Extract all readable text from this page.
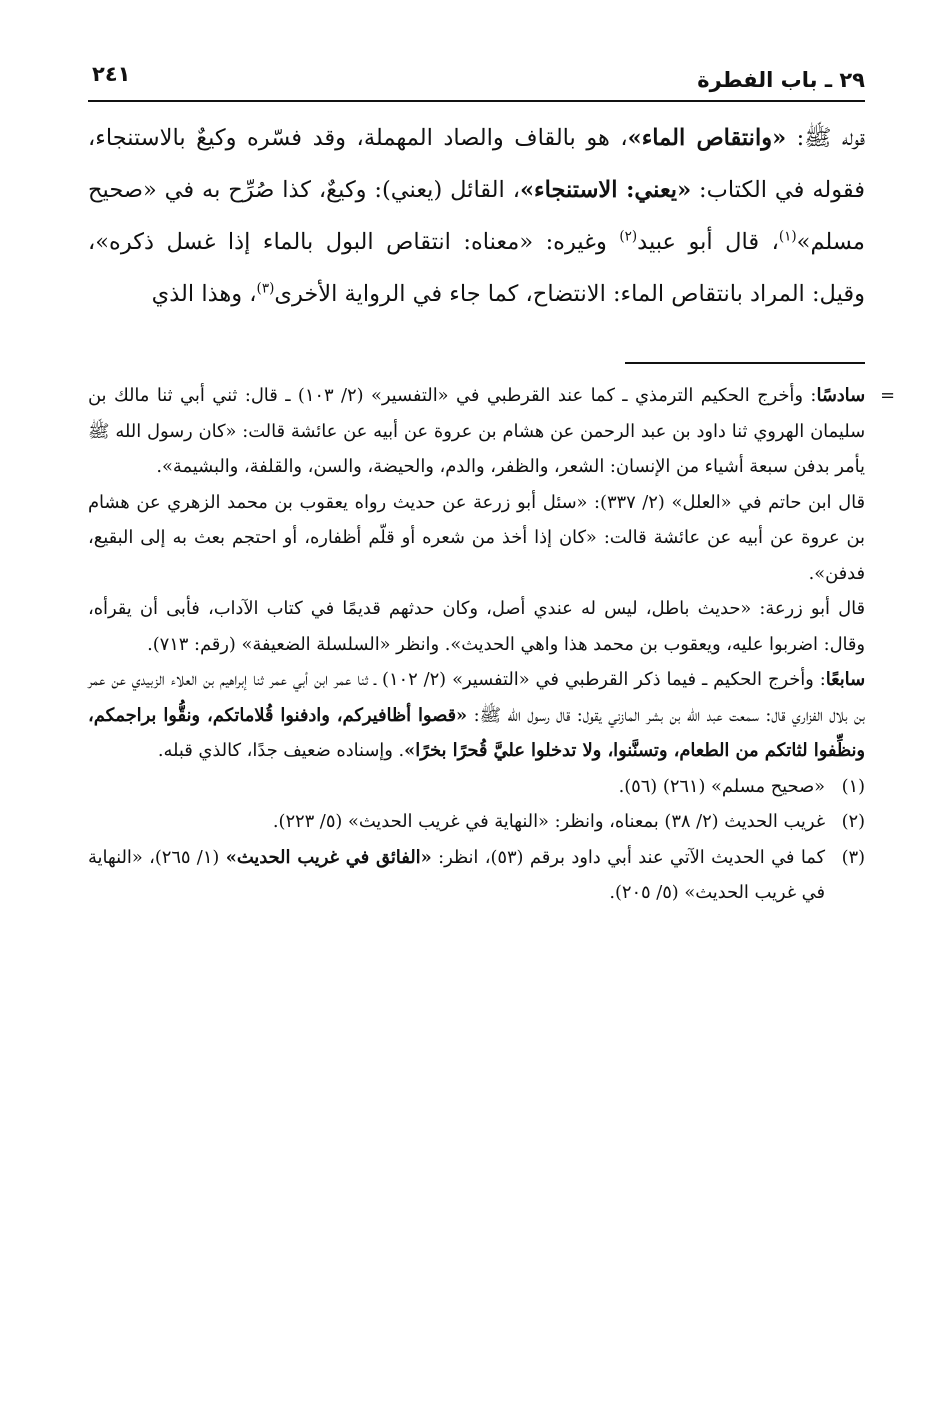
٢٩ ـ باب الفطرة
٢٤١

قوله ﷺ: «وانتقاص الماء»، هو بالقاف والصاد المهملة، وقد فسّره وكيعٌ بالاستنجاء، فقوله في الكتاب: «يعني: الاستنجاء»، القائل (يعني): وكيعٌ، كذا صُرِّح به في «صحيح مسلم»$^{(١)}$، قال أبو عبيد$^{(٢)}$ وغيره: «معناه: انتقاص البول بالماء إذا غسل ذكره»، وقيل: المراد بانتقاص الماء: الانتضاح، كما جاء في الرواية الأخرى$^{(٣)}$، وهذا الذي

=
سادسًا: وأخرج الحكيم الترمذي ـ كما عند القرطبي في «التفسير» (٢/ ١٠٣) ـ قال: ثني أبي ثنا مالك بن سليمان الهروي ثنا داود بن عبد الرحمن عن هشام بن عروة عن أبيه عن عائشة قالت: «كان رسول الله ﷺ يأمر بدفن سبعة أشياء من الإنسان: الشعر، والظفر، والدم، والحيضة، والسن، والقلفة، والبشيمة».

قال ابن حاتم في «العلل» (٢/ ٣٣٧): «سئل أبو زرعة عن حديث رواه يعقوب بن محمد الزهري عن هشام بن عروة عن أبيه عن عائشة قالت: «كان إذا أخذ من شعره أو قلّم أظفاره، أو احتجم بعث به إلى البقيع، فدفن».

قال أبو زرعة: «حديث باطل، ليس له عندي أصل، وكان حدثهم قديمًا في كتاب الآداب، فأبى أن يقرأه، وقال: اضربوا عليه، ويعقوب بن محمد هذا واهي الحديث». وانظر «السلسلة الضعيفة» (رقم: ٧١٣).

سابعًا: وأخرج الحكيم ـ فيما ذكر القرطبي في «التفسير» (٢/ ١٠٢) ـ ثنا عمر ابن أبي عمر ثنا إبراهيم بن العلاء الزبيدي عن عمر بن بلال الفزاري قال: سمعت عبد الله بن بشر المازني يقول: قال رسول الله ﷺ: «قصوا أظافيركم، وادفنوا قُلاماتكم، ونقُّوا براجمكم، ونظِّفوا لثاتكم من الطعام، وتسنَّنوا، ولا تدخلوا عليَّ قُحرًا بخرًا». وإسناده ضعيف جدًا، كالذي قبله.

(١)
«صحيح مسلم» (٢٦١) (٥٦).
(٢)
غريب الحديث (٢/ ٣٨) بمعناه، وانظر: «النهاية في غريب الحديث» (٥/ ٢٢٣).
(٣)
كما في الحديث الآتي عند أبي داود برقم (٥٣)، انظر: «الفائق في غريب الحديث» (١/ ٢٦٥)، «النهاية في غريب الحديث» (٥/ ٢٠٥).
